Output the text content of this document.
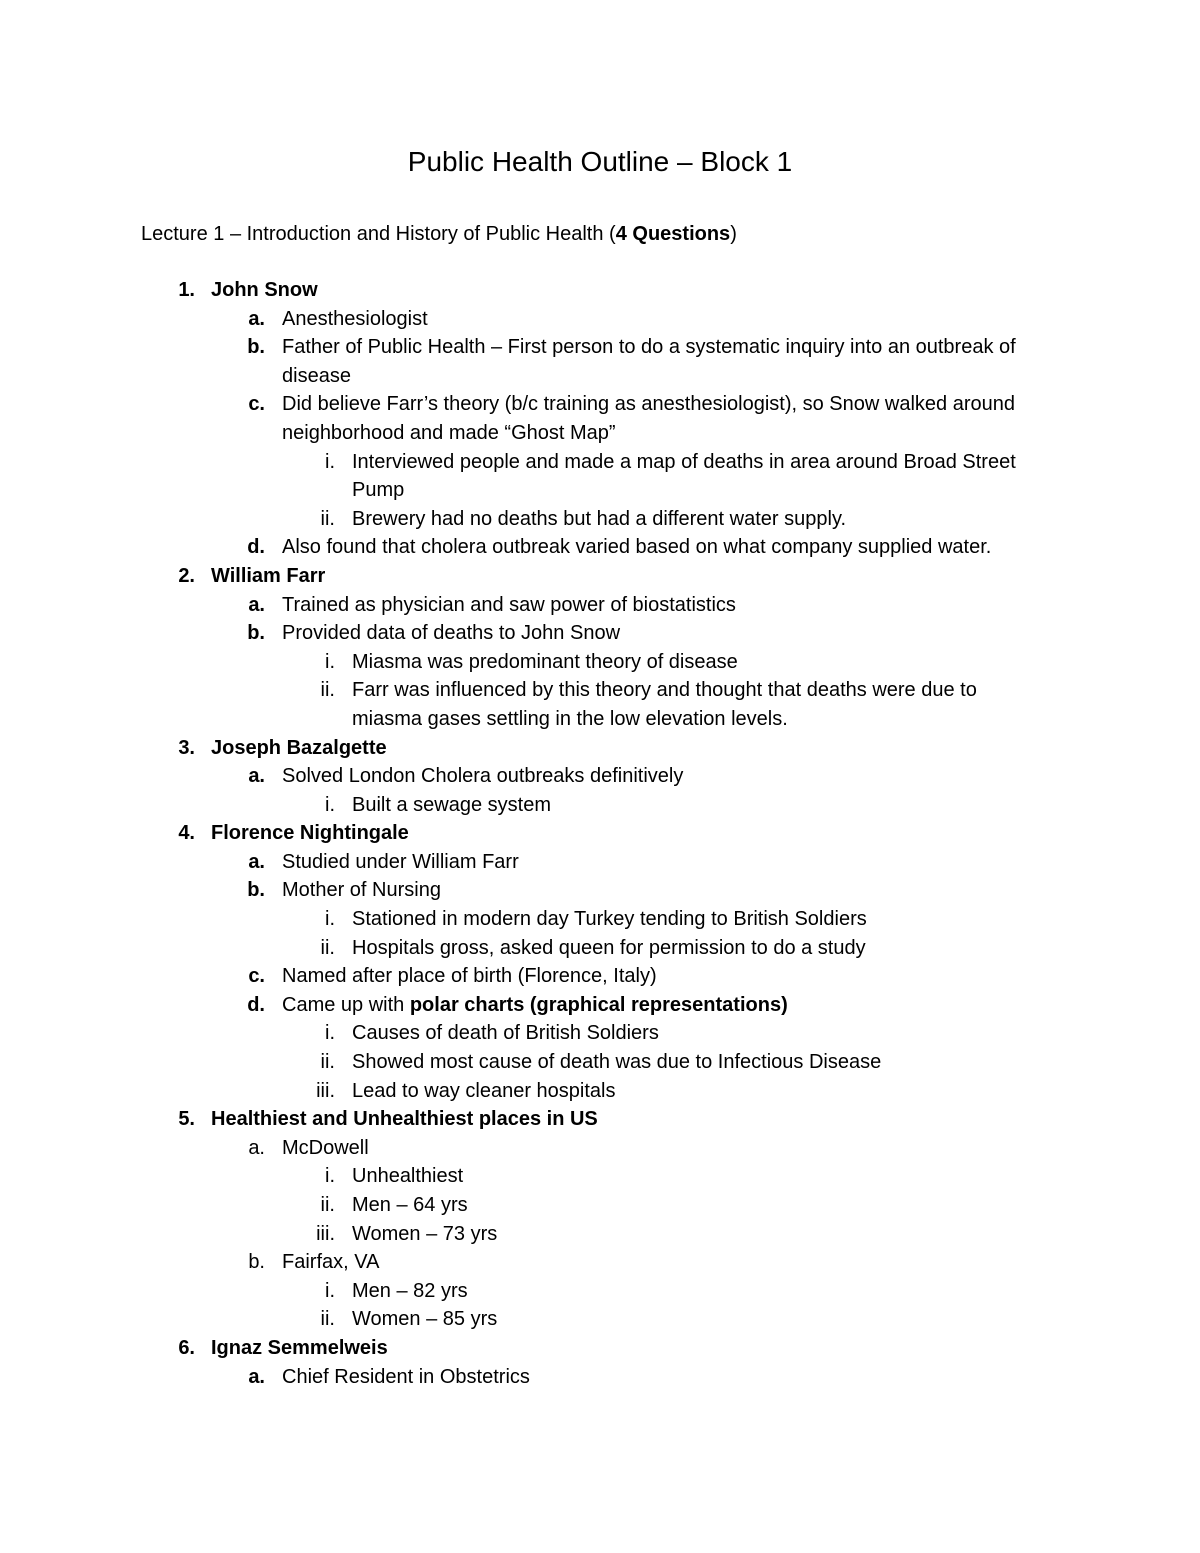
Public Health Outline – Block 1
Lecture 1 – Introduction and History of Public Health (4 Questions)
1. John Snow
a. Anesthesiologist
b. Father of Public Health – First person to do a systematic inquiry into an outbreak of disease
c. Did believe Farr’s theory (b/c training as anesthesiologist), so Snow walked around neighborhood and made “Ghost Map”
i. Interviewed people and made a map of deaths in area around Broad Street Pump
ii. Brewery had no deaths but had a different water supply.
d. Also found that cholera outbreak varied based on what company supplied water.
2. William Farr
a. Trained as physician and saw power of biostatistics
b. Provided data of deaths to John Snow
i. Miasma was predominant theory of disease
ii. Farr was influenced by this theory and thought that deaths were due to miasma gases settling in the low elevation levels.
3. Joseph Bazalgette
a. Solved London Cholera outbreaks definitively
i. Built a sewage system
4. Florence Nightingale
a. Studied under William Farr
b. Mother of Nursing
i. Stationed in modern day Turkey tending to British Soldiers
ii. Hospitals gross, asked queen for permission to do a study
c. Named after place of birth (Florence, Italy)
d. Came up with polar charts (graphical representations)
i. Causes of death of British Soldiers
ii. Showed most cause of death was due to Infectious Disease
iii. Lead to way cleaner hospitals
5. Healthiest and Unhealthiest places in US
a. McDowell
i. Unhealthiest
ii. Men – 64 yrs
iii. Women – 73 yrs
b. Fairfax, VA
i. Men – 82 yrs
ii. Women – 85 yrs
6. Ignaz Semmelweis
a. Chief Resident in Obstetrics
